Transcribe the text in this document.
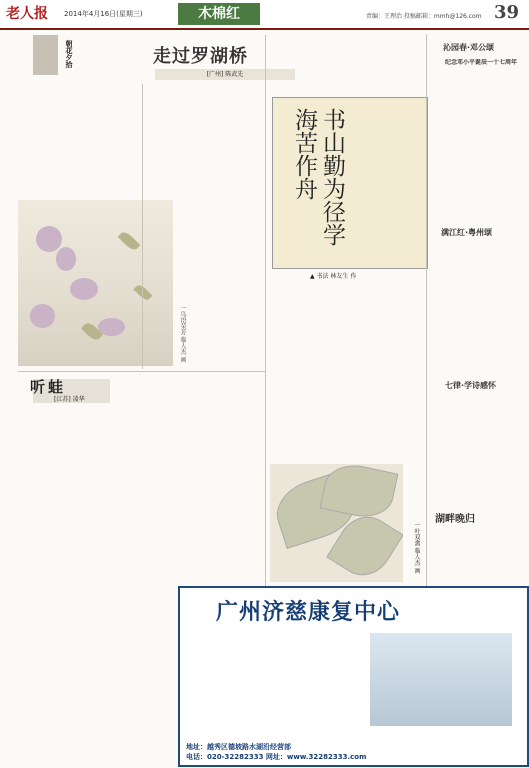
老人报 2014年4月16日(星期三)	木棉红	责编：王理治 投稿邮箱：mmh@126.com 39
朝花夕拾	走过罗湖桥
[广州] 陈武先
一鸟语荣芳 临人杰 画
书山勤为径学海苦作舟
▲ 书法 林友生 作
听蛙
[江苏] 凌华
一叶双禽 临人杰 画
沁园春·邓公颂
纪念邓小平诞辰一十七周年
满江红·粤州颂
七律·学诗感怀
湖畔晚归
广州济慈康复中心
地址：越秀区德坡路水湖沿经营部
电话：020-32282333 网址：www.32282333.com
